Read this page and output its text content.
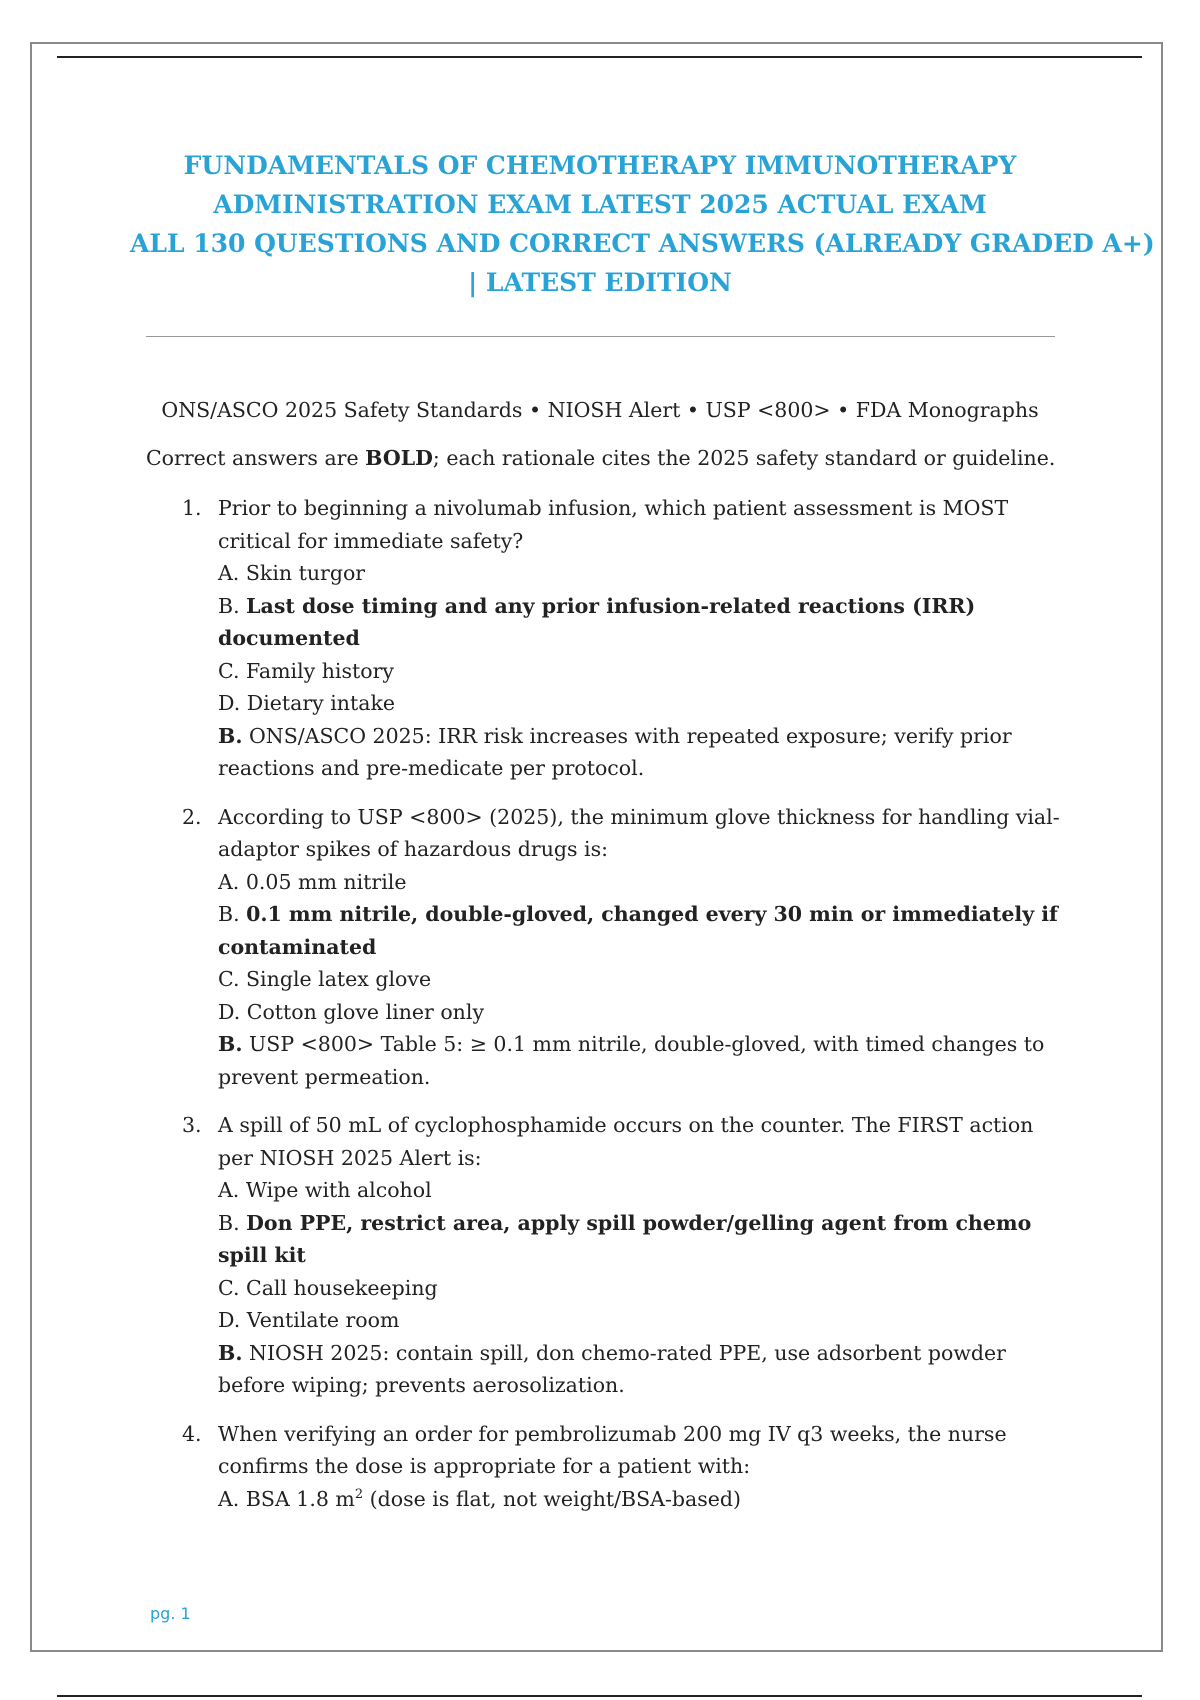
FUNDAMENTALS OF CHEMOTHERAPY IMMUNOTHERAPY
ADMINISTRATION EXAM LATEST 2025 ACTUAL EXAM
ALL 130 QUESTIONS AND CORRECT ANSWERS (ALREADY GRADED A+)
| LATEST EDITION
ONS/ASCO 2025 Safety Standards • NIOSH Alert • USP <800> • FDA Monographs
Correct answers are BOLD; each rationale cites the 2025 safety standard or guideline.
1. Prior to beginning a nivolumab infusion, which patient assessment is MOST critical for immediate safety?
A. Skin turgor
B. Last dose timing and any prior infusion-related reactions (IRR) documented
C. Family history
D. Dietary intake
B. ONS/ASCO 2025: IRR risk increases with repeated exposure; verify prior reactions and pre-medicate per protocol.
2. According to USP <800> (2025), the minimum glove thickness for handling vial-adaptor spikes of hazardous drugs is:
A. 0.05 mm nitrile
B. 0.1 mm nitrile, double-gloved, changed every 30 min or immediately if contaminated
C. Single latex glove
D. Cotton glove liner only
B. USP <800> Table 5: ≥ 0.1 mm nitrile, double-gloved, with timed changes to prevent permeation.
3. A spill of 50 mL of cyclophosphamide occurs on the counter. The FIRST action per NIOSH 2025 Alert is:
A. Wipe with alcohol
B. Don PPE, restrict area, apply spill powder/gelling agent from chemo spill kit
C. Call housekeeping
D. Ventilate room
B. NIOSH 2025: contain spill, don chemo-rated PPE, use adsorbent powder before wiping; prevents aerosolization.
4. When verifying an order for pembrolizumab 200 mg IV q3 weeks, the nurse confirms the dose is appropriate for a patient with:
A. BSA 1.8 $m^2$ (dose is flat, not weight/BSA-based)
pg. 1
